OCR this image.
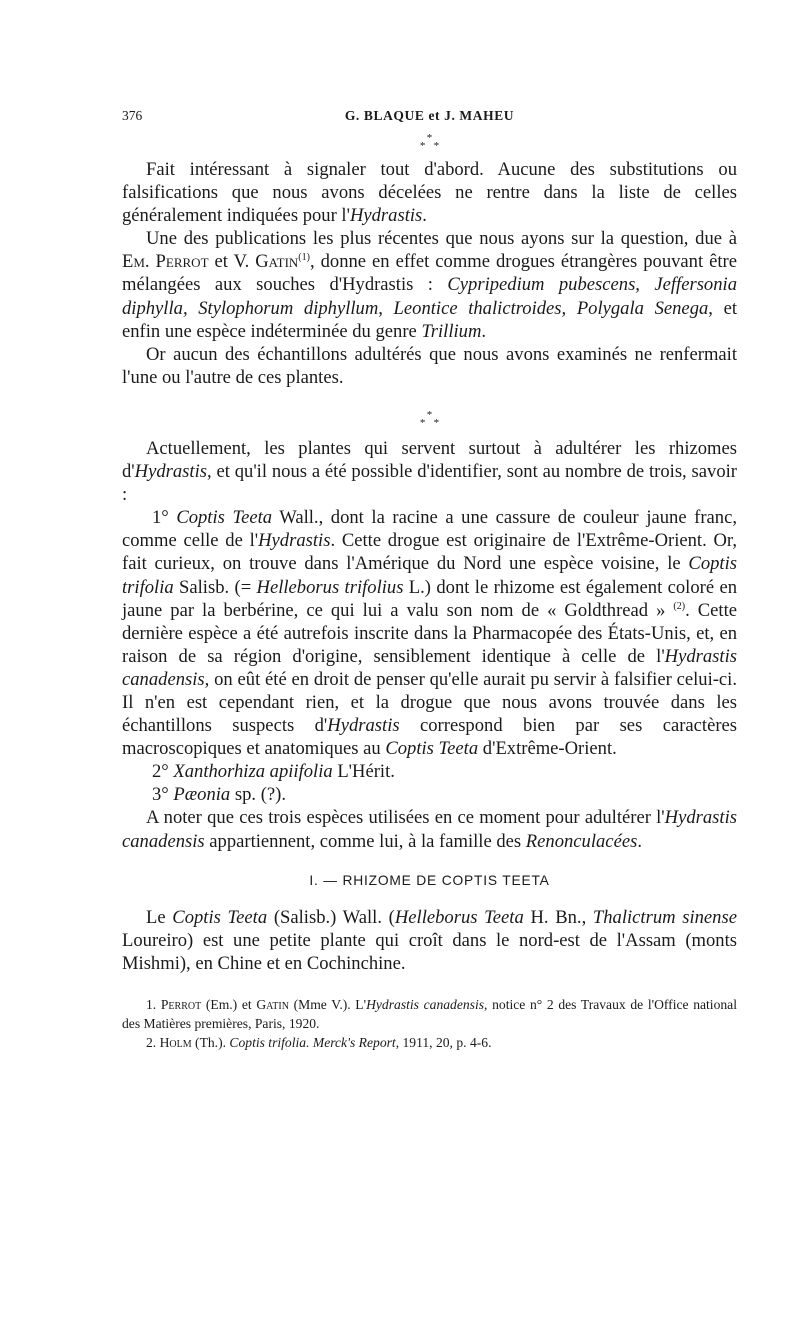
376	G. BLAQUE et J. MAHEU
*
* *

Fait intéressant à signaler tout d'abord. Aucune des substitutions ou falsifications que nous avons décelées ne rentre dans la liste de celles généralement indiquées pour l'Hydrastis.

Une des publications les plus récentes que nous ayons sur la question, due à Em. Perrot et V. Gatin$^{(1)}$, donne en effet comme drogues étrangères pouvant être mélangées aux souches d'Hydrastis : Cypripedium pubescens, Jeffersonia diphylla, Stylophorum diphyllum, Leontice thalictroides, Polygala Senega, et enfin une espèce indéterminée du genre Trillium.

Or aucun des échantillons adultérés que nous avons examinés ne renfermait l'une ou l'autre de ces plantes.

*
* *

Actuellement, les plantes qui servent surtout à adultérer les rhizomes d'Hydrastis, et qu'il nous a été possible d'identifier, sont au nombre de trois, savoir :

1° Coptis Teeta Wall., dont la racine a une cassure de couleur jaune franc, comme celle de l'Hydrastis. Cette drogue est originaire de l'Extrême-Orient. Or, fait curieux, on trouve dans l'Amérique du Nord une espèce voisine, le Coptis trifolia Salisb. (= Helleborus trifolius L.) dont le rhizome est également coloré en jaune par la berbérine, ce qui lui a valu son nom de « Goldthread » $^{(2)}$. Cette dernière espèce a été autrefois inscrite dans la Pharmacopée des États-Unis, et, en raison de sa région d'origine, sensiblement identique à celle de l'Hydrastis canadensis, on eût été en droit de penser qu'elle aurait pu servir à falsifier celui-ci. Il n'en est cependant rien, et la drogue que nous avons trouvée dans les échantillons suspects d'Hydrastis correspond bien par ses caractères macroscopiques et anatomiques au Coptis Teeta d'Extrême-Orient.

2° Xanthorhiza apiifolia L'Hérit.

3° Pæonia sp. (?).

A noter que ces trois espèces utilisées en ce moment pour adultérer l'Hydrastis canadensis appartiennent, comme lui, à la famille des Renonculacées.

I. — RHIZOME DE COPTIS TEETA

Le Coptis Teeta (Salisb.) Wall. (Helleborus Teeta H. Bn., Thalictrum sinense Loureiro) est une petite plante qui croît dans le nord-est de l'Assam (monts Mishmi), en Chine et en Cochinchine.

1. Perrot (Em.) et Gatin (Mme V.). L'Hydrastis canadensis, notice n° 2 des Travaux de l'Office national des Matières premières, Paris, 1920.

2. Holm (Th.). Coptis trifolia. Merck's Report, 1911, 20, p. 4-6.
